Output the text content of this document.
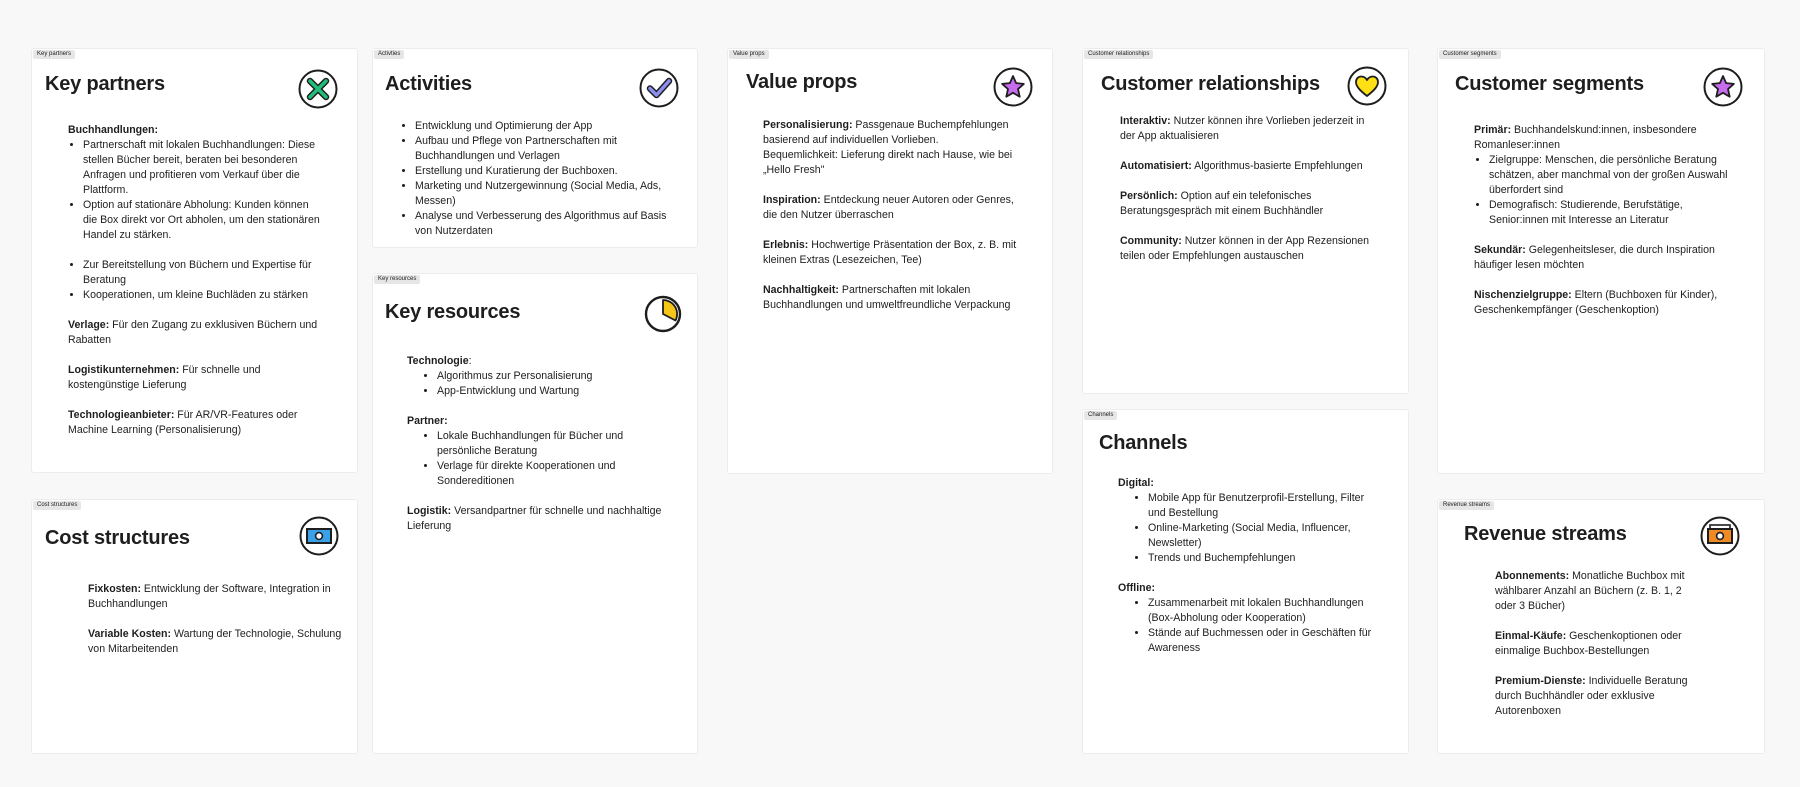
Key partners
Key partners

Buchhandlungen:

• Partnerschaft mit lokalen Buchhandlungen: Diese stellen Bücher bereit, beraten bei besonderen Anfragen und profitieren vom Verkauf über die Plattform.
• Option auf stationäre Abholung: Kunden können die Box direkt vor Ort abholen, um den stationären Handel zu stärken.
• Zur Bereitstellung von Büchern und Expertise für Beratung
• Kooperationen, um kleine Buchläden zu stärken

Verlage: Für den Zugang zu exklusiven Büchern und Rabatten

Logistikunternehmen: Für schnelle und kostengünstige Lieferung

Technologieanbieter: Für AR/VR-Features oder Machine Learning (Personalisierung)

Cost structures
Cost structures

Fixkosten: Entwicklung der Software, Integration in Buchhandlungen

Variable Kosten: Wartung der Technologie, Schulung von Mitarbeitenden

Activties
Activities
• Entwicklung und Optimierung der App
• Aufbau und Pflege von Partnerschaften mit Buchhandlungen und Verlagen
• Erstellung und Kuratierung der Buchboxen.
• Marketing und Nutzergewinnung (Social Media, Ads, Messen)
• Analyse und Verbesserung des Algorithmus auf Basis von Nutzerdaten
Key resources
Key resources

Technologie:

• Algorithmus zur Personalisierung
• App-Entwicklung und Wartung

Partner:

• Lokale Buchhandlungen für Bücher und persönliche Beratung
• Verlage für direkte Kooperationen und Sondereditionen

Logistik: Versandpartner für schnelle und nachhaltige Lieferung

Value props
Value props

Personalisierung: Passgenaue Buchempfehlungen basierend auf individuellen Vorlieben.

Bequemlichkeit: Lieferung direkt nach Hause, wie bei „Hello Fresh"

Inspiration: Entdeckung neuer Autoren oder Genres, die den Nutzer überraschen

Erlebnis: Hochwertige Präsentation der Box, z. B. mit kleinen Extras (Lesezeichen, Tee)

Nachhaltigkeit: Partnerschaften mit lokalen Buchhandlungen und umweltfreundliche Verpackung

Customer relationships
Customer relationships

Interaktiv: Nutzer können ihre Vorlieben jederzeit in der App aktualisieren

Automatisiert: Algorithmus-basierte Empfehlungen

Persönlich: Option auf ein telefonisches Beratungsgespräch mit einem Buchhändler

Community: Nutzer können in der App Rezensionen teilen oder Empfehlungen austauschen

Channels
Channels

Digital:

• Mobile App für Benutzerprofil-Erstellung, Filter und Bestellung
• Online-Marketing (Social Media, Influencer, Newsletter)
• Trends und Buchempfehlungen

Offline:

• Zusammenarbeit mit lokalen Buchhandlungen (Box-Abholung oder Kooperation)
• Stände auf Buchmessen oder in Geschäften für Awareness
Customer segments
Customer segments

Primär: Buchhandelskund:innen, insbesondere Romanleser:innen

• Zielgruppe: Menschen, die persönliche Beratung schätzen, aber manchmal von der großen Auswahl überfordert sind
• Demografisch: Studierende, Berufstätige, Senior:innen mit Interesse an Literatur

Sekundär: Gelegenheitsleser, die durch Inspiration häufiger lesen möchten

Nischenzielgruppe: Eltern (Buchboxen für Kinder), Geschenkempfänger (Geschenkoption)

Revenue streams
Revenue streams

Abonnements: Monatliche Buchbox mit wählbarer Anzahl an Büchern (z. B. 1, 2 oder 3 Bücher)

Einmal-Käufe: Geschenkoptionen oder einmalige Buchbox-Bestellungen

Premium-Dienste: Individuelle Beratung durch Buchhändler oder exklusive Autorenboxen
